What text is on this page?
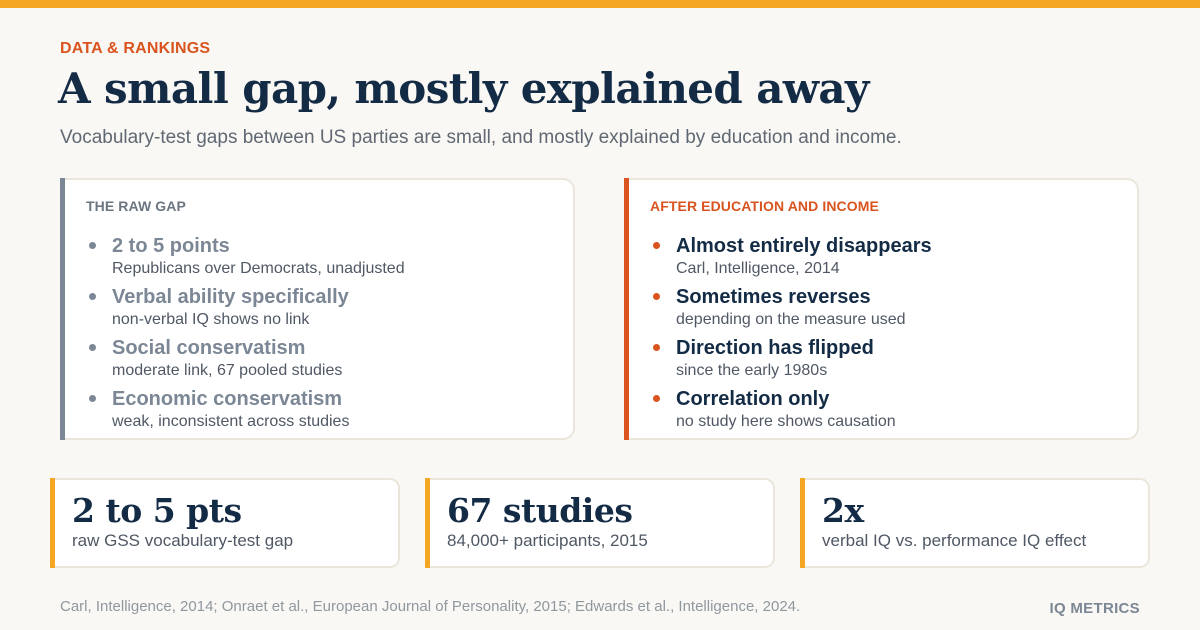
DATA & RANKINGS
A small gap, mostly explained away
Vocabulary-test gaps between US parties are small, and mostly explained by education and income.
THE RAW GAP
2 to 5 points
Republicans over Democrats, unadjusted
Verbal ability specifically
non-verbal IQ shows no link
Social conservatism
moderate link, 67 pooled studies
Economic conservatism
weak, inconsistent across studies
AFTER EDUCATION AND INCOME
Almost entirely disappears
Carl, Intelligence, 2014
Sometimes reverses
depending on the measure used
Direction has flipped
since the early 1980s
Correlation only
no study here shows causation
2 to 5 pts
raw GSS vocabulary-test gap
67 studies
84,000+ participants, 2015
2x
verbal IQ vs. performance IQ effect
Carl, Intelligence, 2014; Onraet et al., European Journal of Personality, 2015; Edwards et al., Intelligence, 2024.	IQ METRICS
